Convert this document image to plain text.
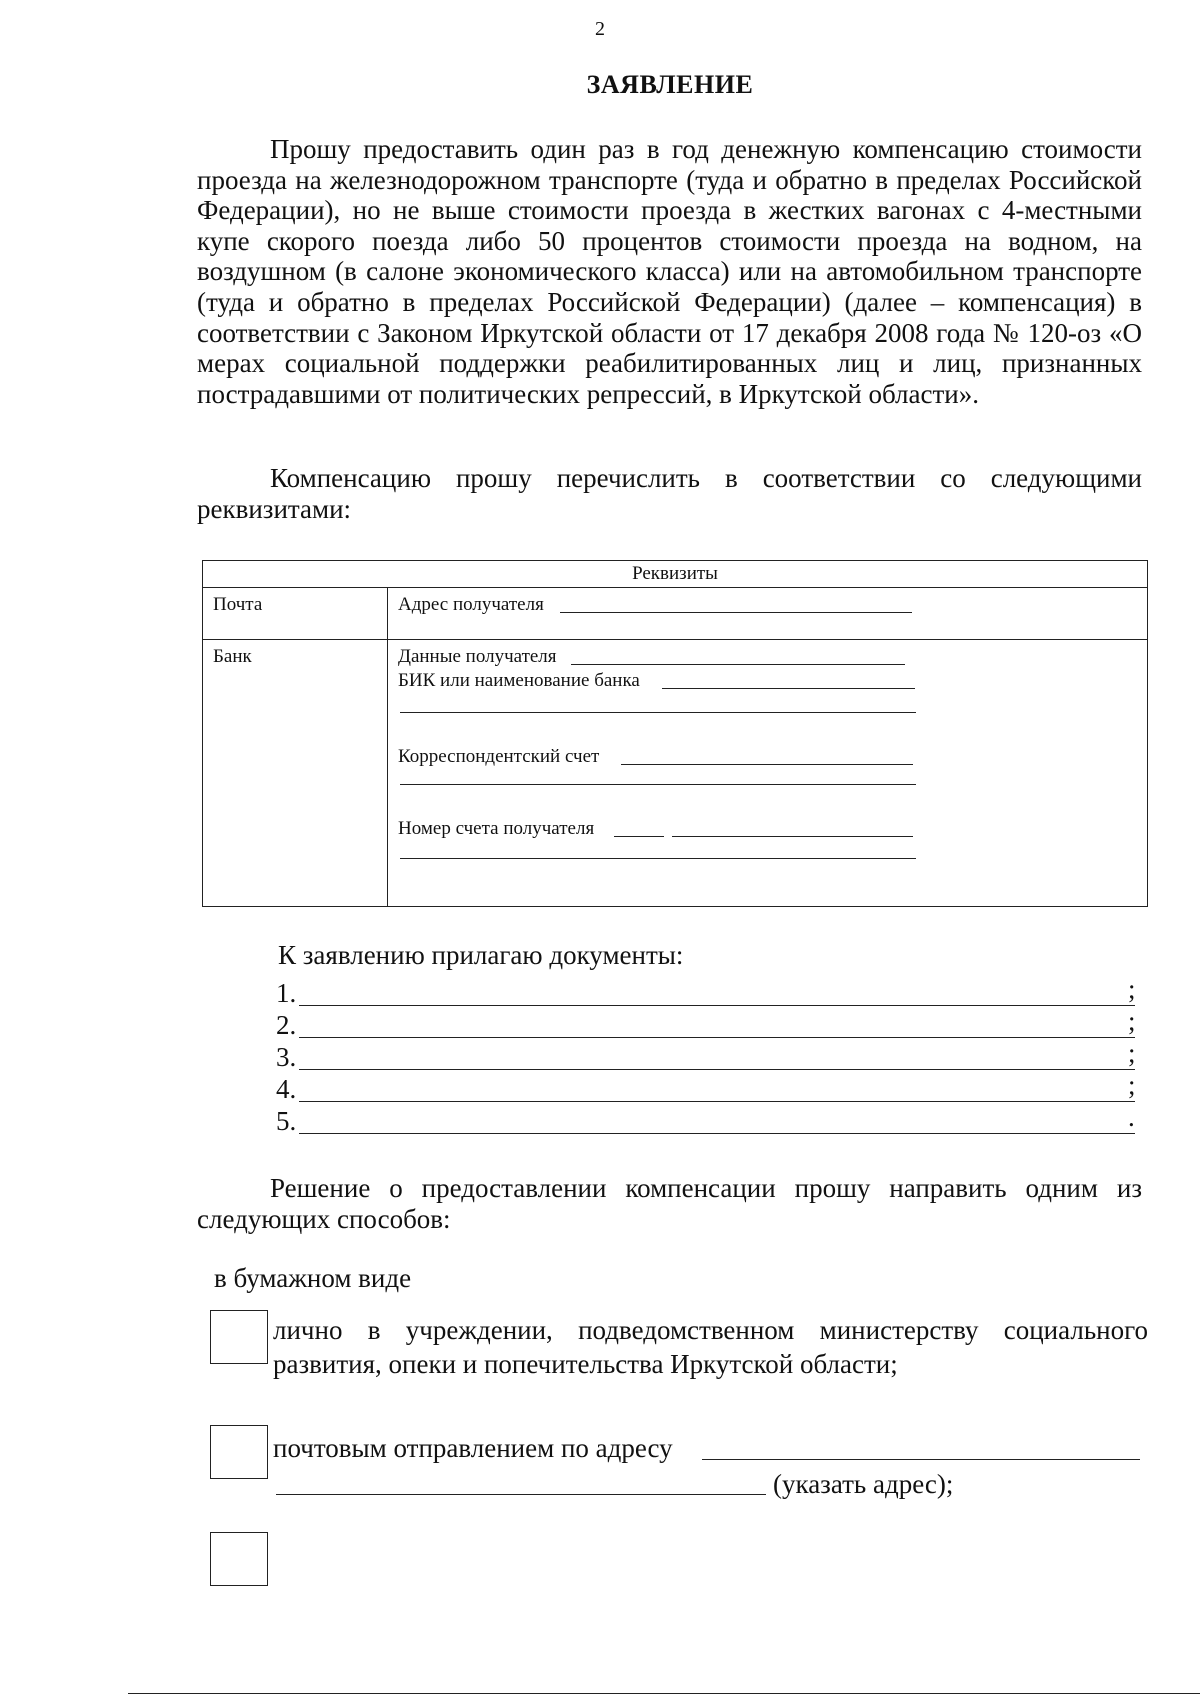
2
ЗАЯВЛЕНИЕ

Прошу предоставить один раз в год денежную компенсацию стоимости проезда на железнодорожном транспорте (туда и обратно в пределах Российской Федерации), но не выше стоимости проезда в жестких вагонах с 4-местными купе скорого поезда либо 50 процентов стоимости проезда на водном, на воздушном (в салоне экономического класса) или на автомобильном транспорте (туда и обратно в пределах Российской Федерации) (далее – компенсация) в соответствии с Законом Иркутской области от 17 декабря 2008 года № 120-оз «О мерах социальной поддержки реабилитированных лиц и лиц, признанных пострадавшими от политических репрессий, в Иркутской области».

Компенсацию прошу перечислить в соответствии со следующими реквизитами:

Реквизиты	

Почта	Адрес получателя

Банк	Данные получателя
БИК или наименование банка
Корреспондентский счет
Номер счета получателя
К заявлению прилагаю документы:
1.	;
2.	;
3.	;
4.	;
5.	.

Решение о предоставлении компенсации прошу направить одним из следующих способов:

в бумажном виде
лично в учреждении, подведомственном министерству социального развития, опеки и попечительства Иркутской области;
почтовым отправлением по адресу
(указать адрес);
